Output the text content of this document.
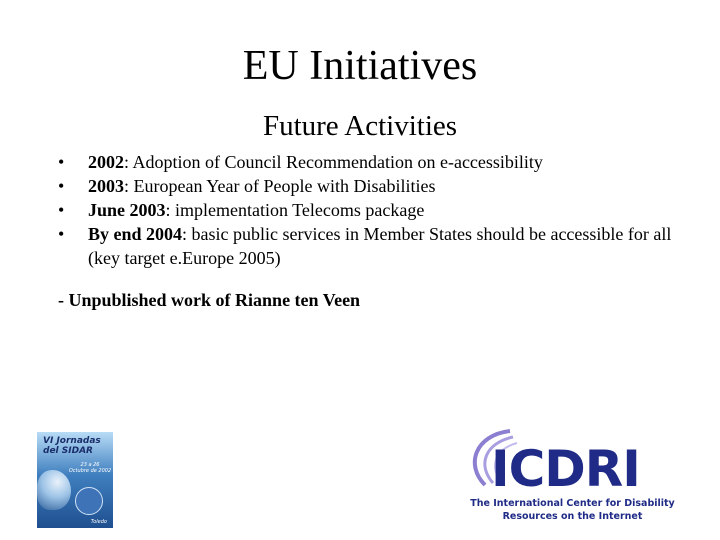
EU Initiatives
Future Activities
• 2002: Adoption of Council Recommendation on e-accessibility
• 2003: European Year of People with Disabilities
• June 2003: implementation Telecoms package
• By end 2004: basic public services in Member States should be accessible for all (key target e.Europe 2005)
- Unpublished work of Rianne ten Veen
VI Jornadas
del SIDAR
23 a 26
Octubre de 2002
Toledo
ICDRI
The International Center for Disability
Resources on the Internet
